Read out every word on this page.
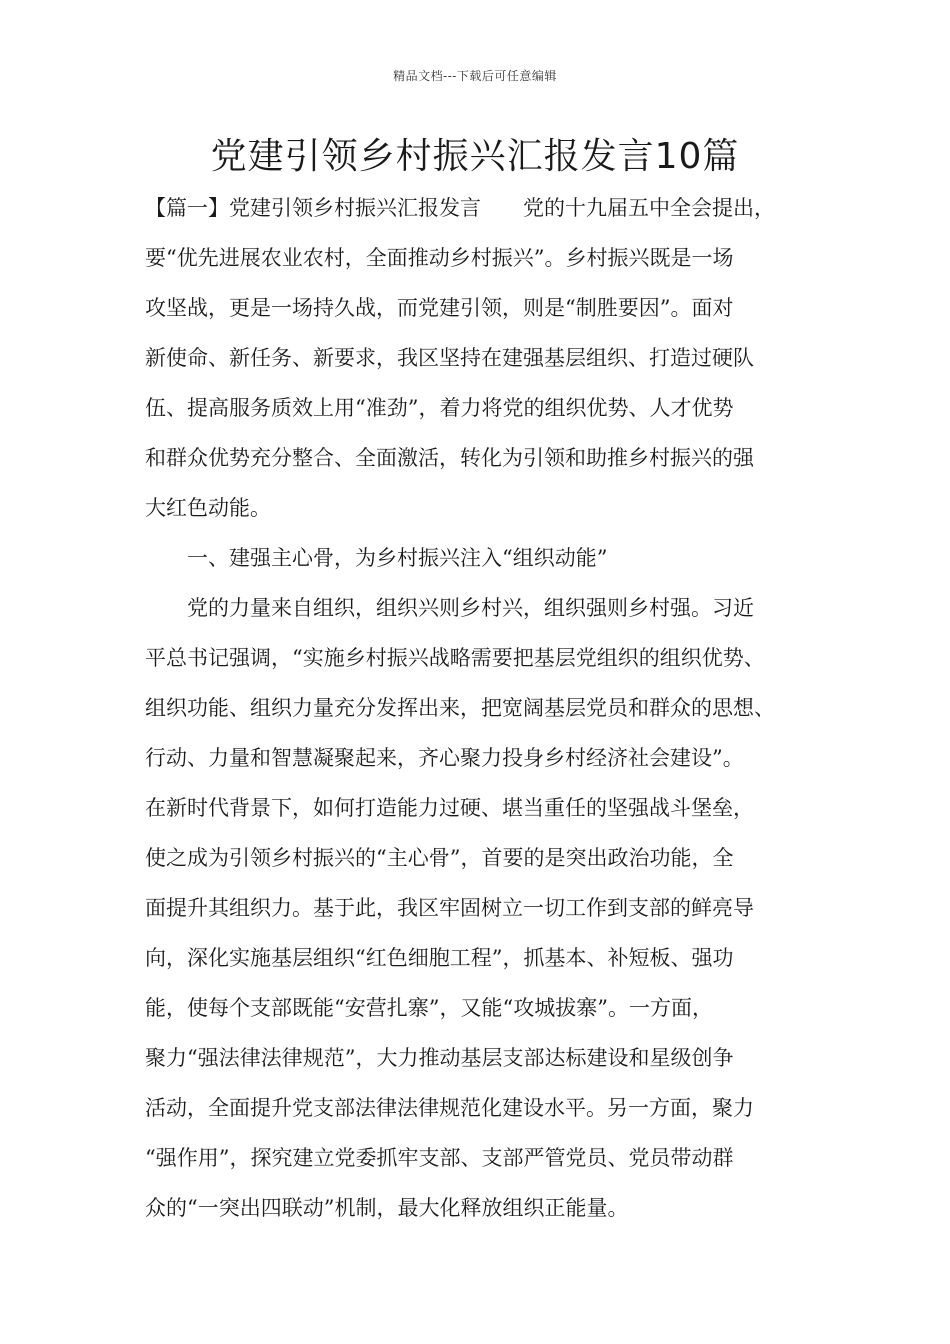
精品文档---下载后可任意编辑
党建引领乡村振兴汇报发言10篇

【篇一】党建引领乡村振兴汇报发言　　党的十九届五中全会提出，
要“优先进展农业农村，全面推动乡村振兴”。乡村振兴既是一场
攻坚战，更是一场持久战，而党建引领，则是“制胜要因”。面对
新使命、新任务、新要求，我区坚持在建强基层组织、打造过硬队
伍、提高服务质效上用“准劲”，着力将党的组织优势、人才优势
和群众优势充分整合、全面激活，转化为引领和助推乡村振兴的强
大红色动能。
　　一、建强主心骨，为乡村振兴注入“组织动能”
　　党的力量来自组织，组织兴则乡村兴，组织强则乡村强。习近
平总书记强调，“实施乡村振兴战略需要把基层党组织的组织优势、
组织功能、组织力量充分发挥出来，把宽阔基层党员和群众的思想、
行动、力量和智慧凝聚起来，齐心聚力投身乡村经济社会建设”。
在新时代背景下，如何打造能力过硬、堪当重任的坚强战斗堡垒，
使之成为引领乡村振兴的“主心骨”，首要的是突出政治功能，全
面提升其组织力。基于此，我区牢固树立一切工作到支部的鲜亮导
向，深化实施基层组织“红色细胞工程”，抓基本、补短板、强功
能，使每个支部既能“安营扎寨”，又能“攻城拔寨”。一方面，
聚力“强法律法律规范”，大力推动基层支部达标建设和星级创争
活动，全面提升党支部法律法律规范化建设水平。另一方面，聚力
“强作用”，探究建立党委抓牢支部、支部严管党员、党员带动群
众的“一突出四联动”机制，最大化释放组织正能量。
